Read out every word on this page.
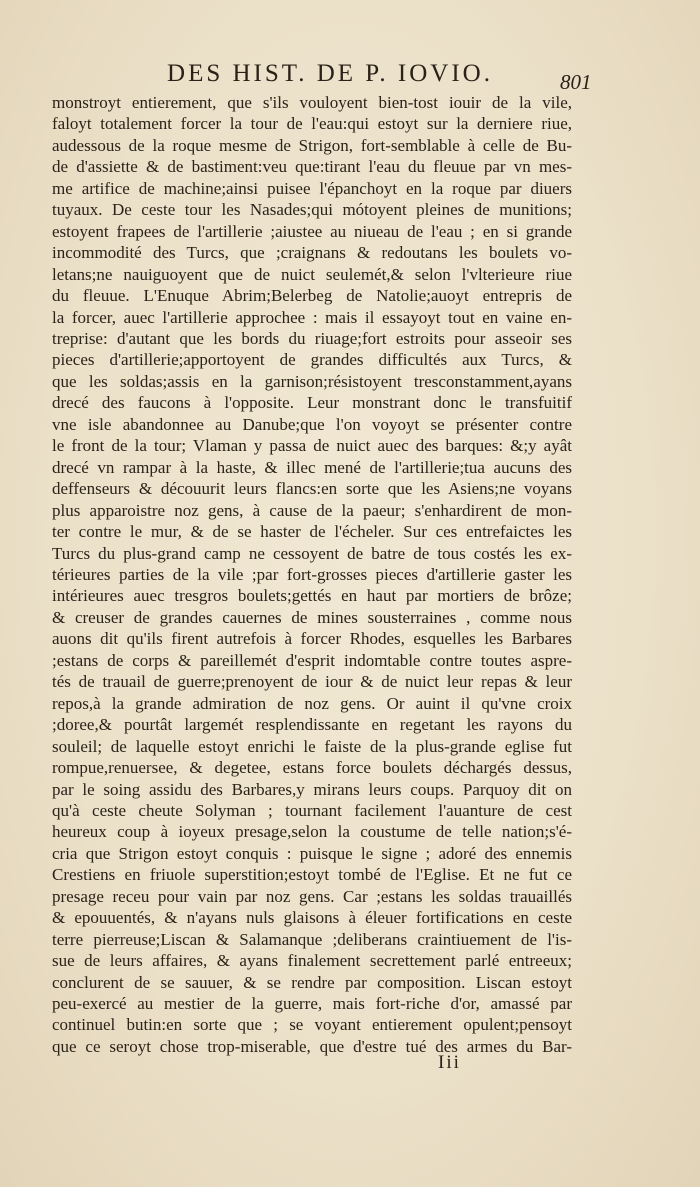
DES HIST. DE P. IOVIO.	801
monstroyt entierement, que s'ils vouloyent bien-tost iouir de la vile,
faloyt totalement forcer la tour de l'eau:qui estoyt sur la derniere riue,
audessous de la roque mesme de Strigon, fort-semblable à celle de Bu-
de d'assiette & de bastiment:veu que:tirant l'eau du fleuue par vn mes-
me artifice de machine;ainsi puisee l'épanchoyt en la roque par diuers
tuyaux. De ceste tour les Nasades;qui mótoyent pleines de munitions;
estoyent frapees de l'artillerie ;aiustee au niueau de l'eau ; en si grande
incommodité des Turcs, que ;craignans & redoutans les boulets vo-
letans;ne nauiguoyent que de nuict seulemét,& selon l'vlterieure riue
du fleuue. L'Enuque Abrim;Belerbeg de Natolie;auoyt entrepris de
la forcer, auec l'artillerie approchee : mais il essayoyt tout en vaine en-
treprise: d'autant que les bords du riuage;fort estroits pour asseoir ses
pieces d'artillerie;apportoyent de grandes difficultés aux Turcs, &
que les soldas;assis en la garnison;résistoyent tresconstamment,ayans
drecé des faucons à l'opposite. Leur monstrant donc le transfuitif
vne isle abandonnee au Danube;que l'on voyoyt se présenter contre
le front de la tour; Vlaman y passa de nuict auec des barques: &;y ayât
drecé vn rampar à la haste, & illec mené de l'artillerie;tua aucuns des
deffenseurs & découurit leurs flancs:en sorte que les Asiens;ne voyans
plus apparoistre noz gens, à cause de la paeur; s'enhardirent de mon-
ter contre le mur, & de se haster de l'écheler. Sur ces entrefaictes les
Turcs du plus-grand camp ne cessoyent de batre de tous costés les ex-
térieures parties de la vile ;par fort-grosses pieces d'artillerie gaster les
intérieures auec tresgros boulets;gettés en haut par mortiers de brôze;
& creuser de grandes cauernes de mines sousterraines , comme nous
auons dit qu'ils firent autrefois à forcer Rhodes, esquelles les Barbares
;estans de corps & pareillemét d'esprit indomtable contre toutes aspre-
tés de trauail de guerre;prenoyent de iour & de nuict leur repas & leur
repos,à la grande admiration de noz gens. Or auint il qu'vne croix
;doree,& pourtât largemét resplendissante en regetant les rayons du
souleil; de laquelle estoyt enrichi le faiste de la plus-grande eglise fut
rompue,renuersee, & degetee, estans force boulets déchargés dessus,
par le soing assidu des Barbares,y mirans leurs coups. Parquoy dit on
qu'à ceste cheute Solyman ; tournant facilement l'auanture de cest
heureux coup à ioyeux presage,selon la coustume de telle nation;s'é-
cria que Strigon estoyt conquis : puisque le signe ; adoré des ennemis
Crestiens en friuole superstition;estoyt tombé de l'Eglise. Et ne fut ce
presage receu pour vain par noz gens. Car ;estans les soldas trauaillés
& epouuentés, & n'ayans nuls glaisons à éleuer fortifications en ceste
terre pierreuse;Liscan & Salamanque ;deliberans craintiuement de l'is-
sue de leurs affaires, & ayans finalement secrettement parlé entreeux;
conclurent de se sauuer, & se rendre par composition. Liscan estoyt
peu-exercé au mestier de la guerre, mais fort-riche d'or, amassé par
continuel butin:en sorte que ; se voyant entierement opulent;pensoyt
que ce seroyt chose trop-miserable, que d'estre tué des armes du Bar-
Iii
